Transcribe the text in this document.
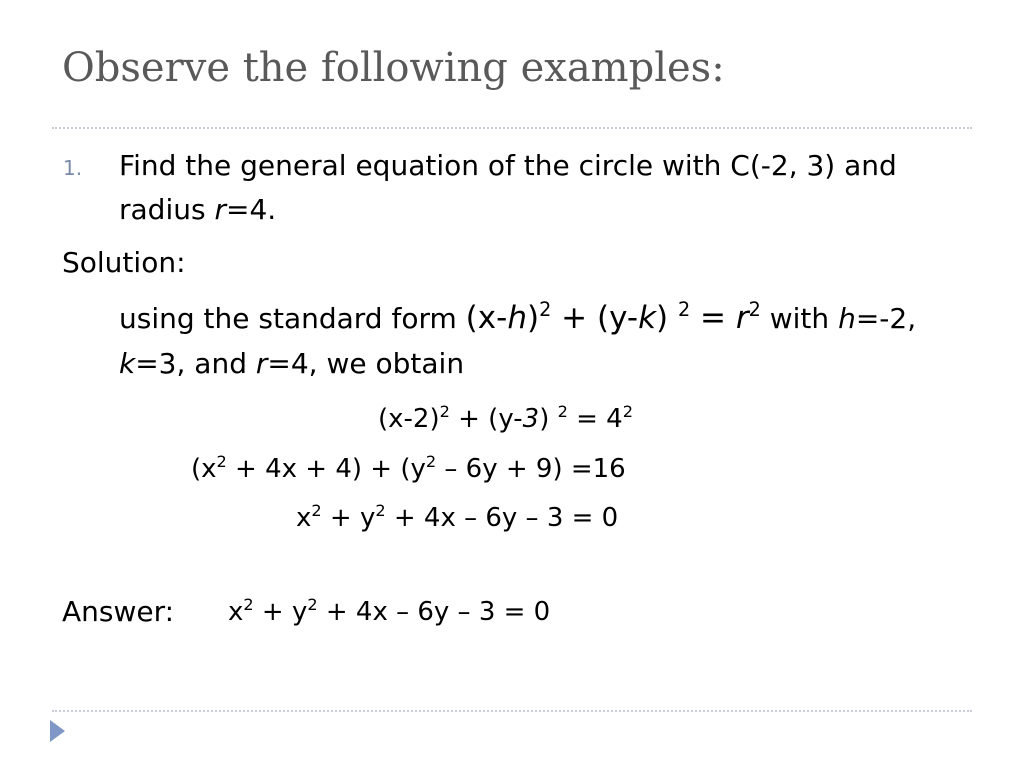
Observe the following examples:
1. Find the general equation of the circle with C(-2, 3) and
radius r=4.
Solution:
using the standard form $(x-h)^2 + (y-k) ^2 = r^2$ with h=-2,
k=3, and r=4, we obtain
$(x-2)^2 + (y-3) ^2 = 4^2$
$(x^2 + 4x + 4) + (y^2 - 6y + 9) =16$
$x^2 + y^2 + 4x - 6y - 3 = 0$
Answer: $x^2 + y^2 + 4x - 6y - 3 = 0$
